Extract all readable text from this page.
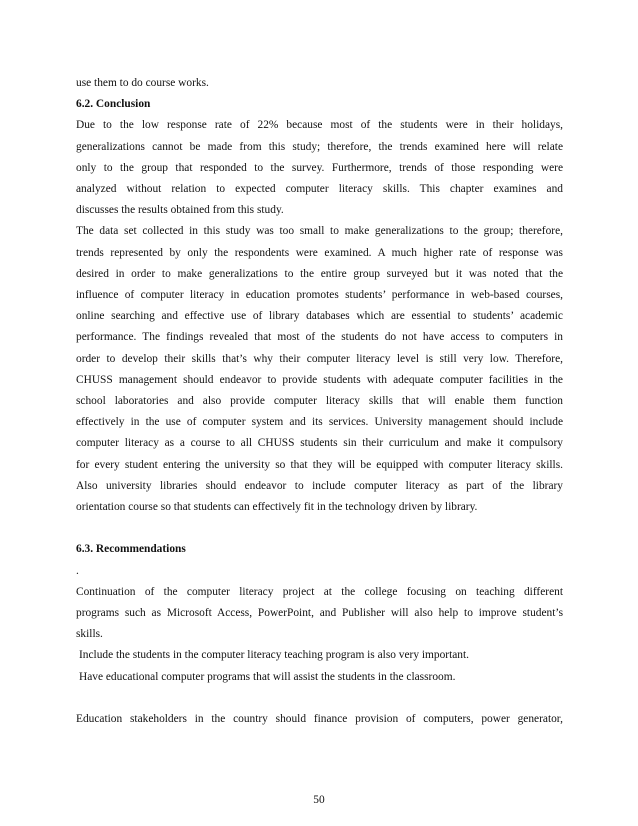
use them to do course works.
6.2. Conclusion
Due to the low response rate of 22% because most of the students were in their holidays,
generalizations cannot be made from this study; therefore, the trends examined here will relate
only to the group that responded to the survey. Furthermore, trends of those responding were
analyzed without relation to expected computer literacy skills. This chapter examines and
discusses the results obtained from this study.
The data set collected in this study was too small to make generalizations to the group; therefore,
trends represented by only the respondents were examined. A much higher rate of response was
desired in order to make generalizations to the entire group surveyed but it was noted that the
influence of computer literacy in education promotes students’ performance in web-based courses,
online searching and effective use of library databases which are essential to students’ academic
performance. The findings revealed that most of the students do not have access to computers in
order to develop their skills that’s why their computer literacy level is still very low. Therefore,
CHUSS management should endeavor to provide students with adequate computer facilities in the
school laboratories and also provide computer literacy skills that will enable them function
effectively in the use of computer system and its services. University management should include
computer literacy as a course to all CHUSS students sin their curriculum and make it compulsory
for every student entering the university so that they will be equipped with computer literacy skills.
Also university libraries should endeavor to include computer literacy as part of the library
orientation course so that students can effectively fit in the technology driven by library.
6.3. Recommendations
.
Continuation of the computer literacy project at the college focusing on teaching different
programs such as Microsoft Access, PowerPoint, and Publisher will also help to improve student’s
skills.
Include the students in the computer literacy teaching program is also very important.
Have educational computer programs that will assist the students in the classroom.
Education stakeholders in the country should finance provision of computers, power generator,
50
